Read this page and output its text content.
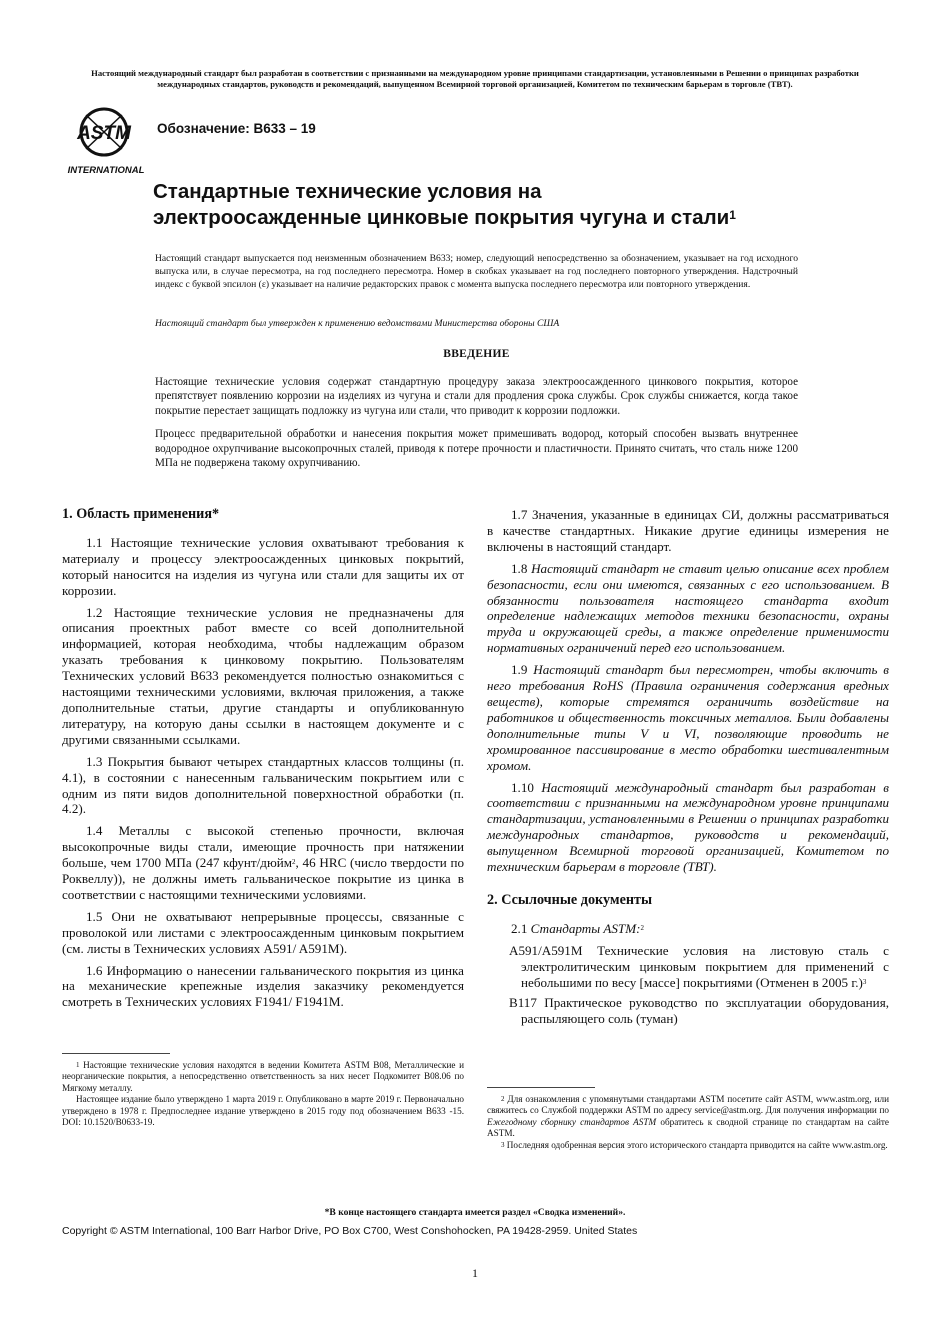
Настоящий международный стандарт был разработан в соответствии с признанными на международном уровне принципами стандартизации, установленными в Решении о принципах разработки международных стандартов, руководств и рекомендаций, выпущенном Всемирной торговой организацией, Комитетом по техническим барьерам в торговле (ТВТ).
ASTM
INTERNATIONAL
Обозначение: B633 – 19
Стандартные технические условия на
электроосажденные цинковые покрытия чугуна и стали$^1$

Настоящий стандарт выпускается под неизменным обозначением B633; номер, следующий непосредственно за обозначением, указывает на год исходного выпуска или, в случае пересмотра, на год последнего пересмотра. Номер в скобках указывает на год последнего повторного утверждения. Надстрочный индекс с буквой эпсилон (ε) указывает на наличие редакторских правок с момента выпуска последнего пересмотра или повторного утверждения.

Настоящий стандарт был утвержден к применению ведомствами Министерства обороны США
ВВЕДЕНИЕ

Настоящие технические условия содержат стандартную процедуру заказа электроосажденного цинкового покрытия, которое препятствует появлению коррозии на изделиях из чугуна и стали для продления срока службы. Срок службы снижается, когда такое покрытие перестает защищать подложку из чугуна или стали, что приводит к коррозии подложки.

Процесс предварительной обработки и нанесения покрытия может примешивать водород, который способен вызвать внутреннее водородное охрупчивание высокопрочных сталей, приводя к потере прочности и пластичности. Принято считать, что сталь ниже 1200 МПа не подвержена такому охрупчиванию.

1. Область применения*

1.1 Настоящие технические условия охватывают требования к материалу и процессу электроосажденных цинковых покрытий, который наносится на изделия из чугуна или стали для защиты их от коррозии.

1.2 Настоящие технические условия не предназначены для описания проектных работ вместе со всей дополнительной информацией, которая необходима, чтобы надлежащим образом указать требования к цинковому покрытию. Пользователям Технических условий B633 рекомендуется полностью ознакомиться с настоящими техническими условиями, включая приложения, а также дополнительные статьи, другие стандарты и опубликованную литературу, на которую даны ссылки в настоящем документе и с другими связанными ссылками.

1.3 Покрытия бывают четырех стандартных классов толщины (п. 4.1), в состоянии с нанесенным гальваническим покрытием или с одним из пяти видов дополнительной поверхностной обработки (п. 4.2).

1.4 Металлы с высокой степенью прочности, включая высокопрочные виды стали, имеющие прочность при натяжении больше, чем 1700 МПа (247 кфунт/дюйм$^2$, 46 HRC (число твердости по Роквеллу)), не должны иметь гальваническое покрытие из цинка в соответствии с настоящими техническими условиями.

1.5 Они не охватывают непрерывные процессы, связанные с проволокой или листами с электроосажденным цинковым покрытием (см. листы в Технических условиях A591/ A591M).

1.6 Информацию о нанесении гальванического покрытия из цинка на механические крепежные изделия заказчику рекомендуется смотреть в Технических условиях F1941/ F1941M.

$^1$ Настоящие технические условия находятся в ведении Комитета ASTM B08, Металлические и неорганические покрытия, а непосредственно ответственность за них несет Подкомитет B08.06 по Мягкому металлу.

Настоящее издание было утверждено 1 марта 2019 г. Опубликовано в марте 2019 г. Первоначально утверждено в 1978 г. Предпоследнее издание утверждено в 2015 году под обозначением B633 -15. DOI: 10.1520/B0633-19.

1.7 Значения, указанные в единицах СИ, должны рассматриваться в качестве стандартных. Никакие другие единицы измерения не включены в настоящий стандарт.

1.8 Настоящий стандарт не ставит целью описание всех проблем безопасности, если они имеются, связанных с его использованием. В обязанности пользователя настоящего стандарта входит определение надлежащих методов техники безопасности, охраны труда и окружающей среды, а также определение применимости нормативных ограничений перед его использованием.

1.9 Настоящий стандарт был пересмотрен, чтобы включить в него требования RoHS (Правила ограничения содержания вредных веществ), которые стремятся ограничить воздействие на работников и общественность токсичных металлов. Были добавлены дополнительные типы V и VI, позволяющие проводить не хромированное пассивирование в место обработки шестивалентным хромом.

1.10 Настоящий международный стандарт был разработан в соответствии с признанными на международном уровне принципами стандартизации, установленными в Решении о принципах разработки международных стандартов, руководств и рекомендаций, выпущенном Всемирной торговой организацией, Комитетом по техническим барьерам в торговле (ТВТ).

2. Ссылочные документы
2.1 Стандарты ASTM:$^2$
A591/A591M Технические условия на листовую сталь с электролитическим цинковым покрытием для применений с небольшими по весу [массе] покрытиями (Отменен в 2005 г.)$^3$
B117 Практическое руководство по эксплуатации оборудования, распыляющего соль (туман)

$^2$ Для ознакомления с упомянутыми стандартами ASTM посетите сайт ASTM, www.astm.org, или свяжитесь со Службой поддержки ASTM по адресу service@astm.org. Для получения информации по Ежегодному сборнику стандартов ASTM обратитесь к сводной странице по стандартам на сайте ASTM.

$^3$ Последняя одобренная версия этого исторического стандарта приводится на сайте www.astm.org.

*В конце настоящего стандарта имеется раздел «Сводка изменений».
Copyright © ASTM International, 100 Barr Harbor Drive, PO Box C700, West Conshohocken, PA 19428-2959. United States
1
